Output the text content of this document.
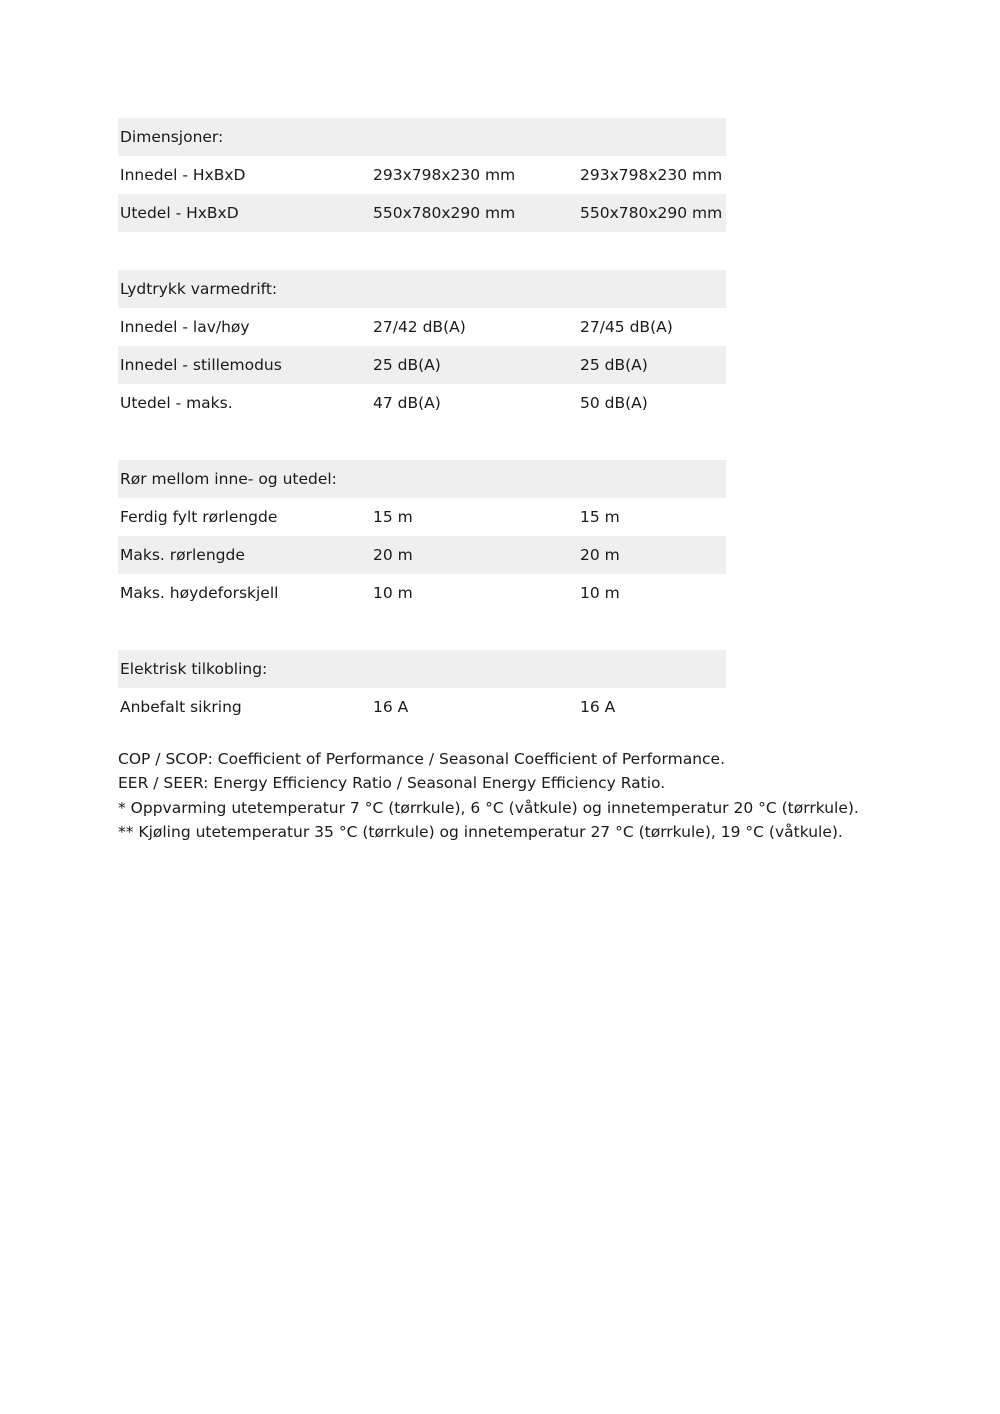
Dimensjoner:
Innedel - HxBxD	293x798x230 mm	293x798x230 mm
Utedel - HxBxD	550x780x290 mm	550x780x290 mm
Lydtrykk varmedrift:
Innedel - lav/høy	27/42 dB(A)	27/45 dB(A)
Innedel - stillemodus	25 dB(A)	25 dB(A)
Utedel - maks.	47 dB(A)	50 dB(A)
Rør mellom inne- og utedel:
Ferdig fylt rørlengde	15 m	15 m
Maks. rørlengde	20 m	20 m
Maks. høydeforskjell	10 m	10 m
Elektrisk tilkobling:
Anbefalt sikring	16 A	16 A

COP / SCOP: Coefficient of Performance / Seasonal Coefficient of Performance.

EER / SEER: Energy Efficiency Ratio / Seasonal Energy Efficiency Ratio.

* Oppvarming utetemperatur 7 °C (tørrkule), 6 °C (våtkule) og innetemperatur 20 °C (tørrkule).

** Kjøling utetemperatur 35 °C (tørrkule) og innetemperatur 27 °C (tørrkule), 19 °C (våtkule).
